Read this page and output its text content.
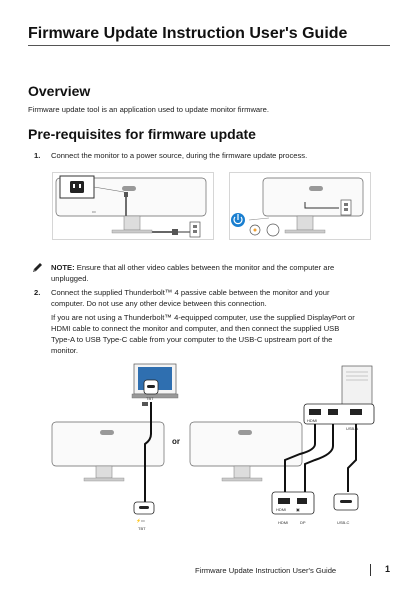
Firmware Update Instruction User's Guide
Overview

Firmware update tool is an application used to update monitor firmware.

Pre-requisites for firmware update
1. Connect the monitor to a power source, during the firmware update process.

▭

NOTE: Ensure that all other video cables between the monitor and the computer are

unplugged.

2. Connect the supplied Thunderbolt™ 4 passive cable between the monitor and your

computer. Do not use any other device between this connection.

If you are not using a Thunderbolt™ 4-equipped computer, use the supplied DisplayPort or

HDMI cable to connect the monitor and computer, and then connect the supplied USB

Type-A to USB Type-C cable from your computer to the USB-C upstream port of the

monitor.

TBT
⚡▭
TBT
or
HDMI
USB-A
HDMI ▣
HDMI	DP	USB-C
Firmware Update Instruction User's Guide	1
